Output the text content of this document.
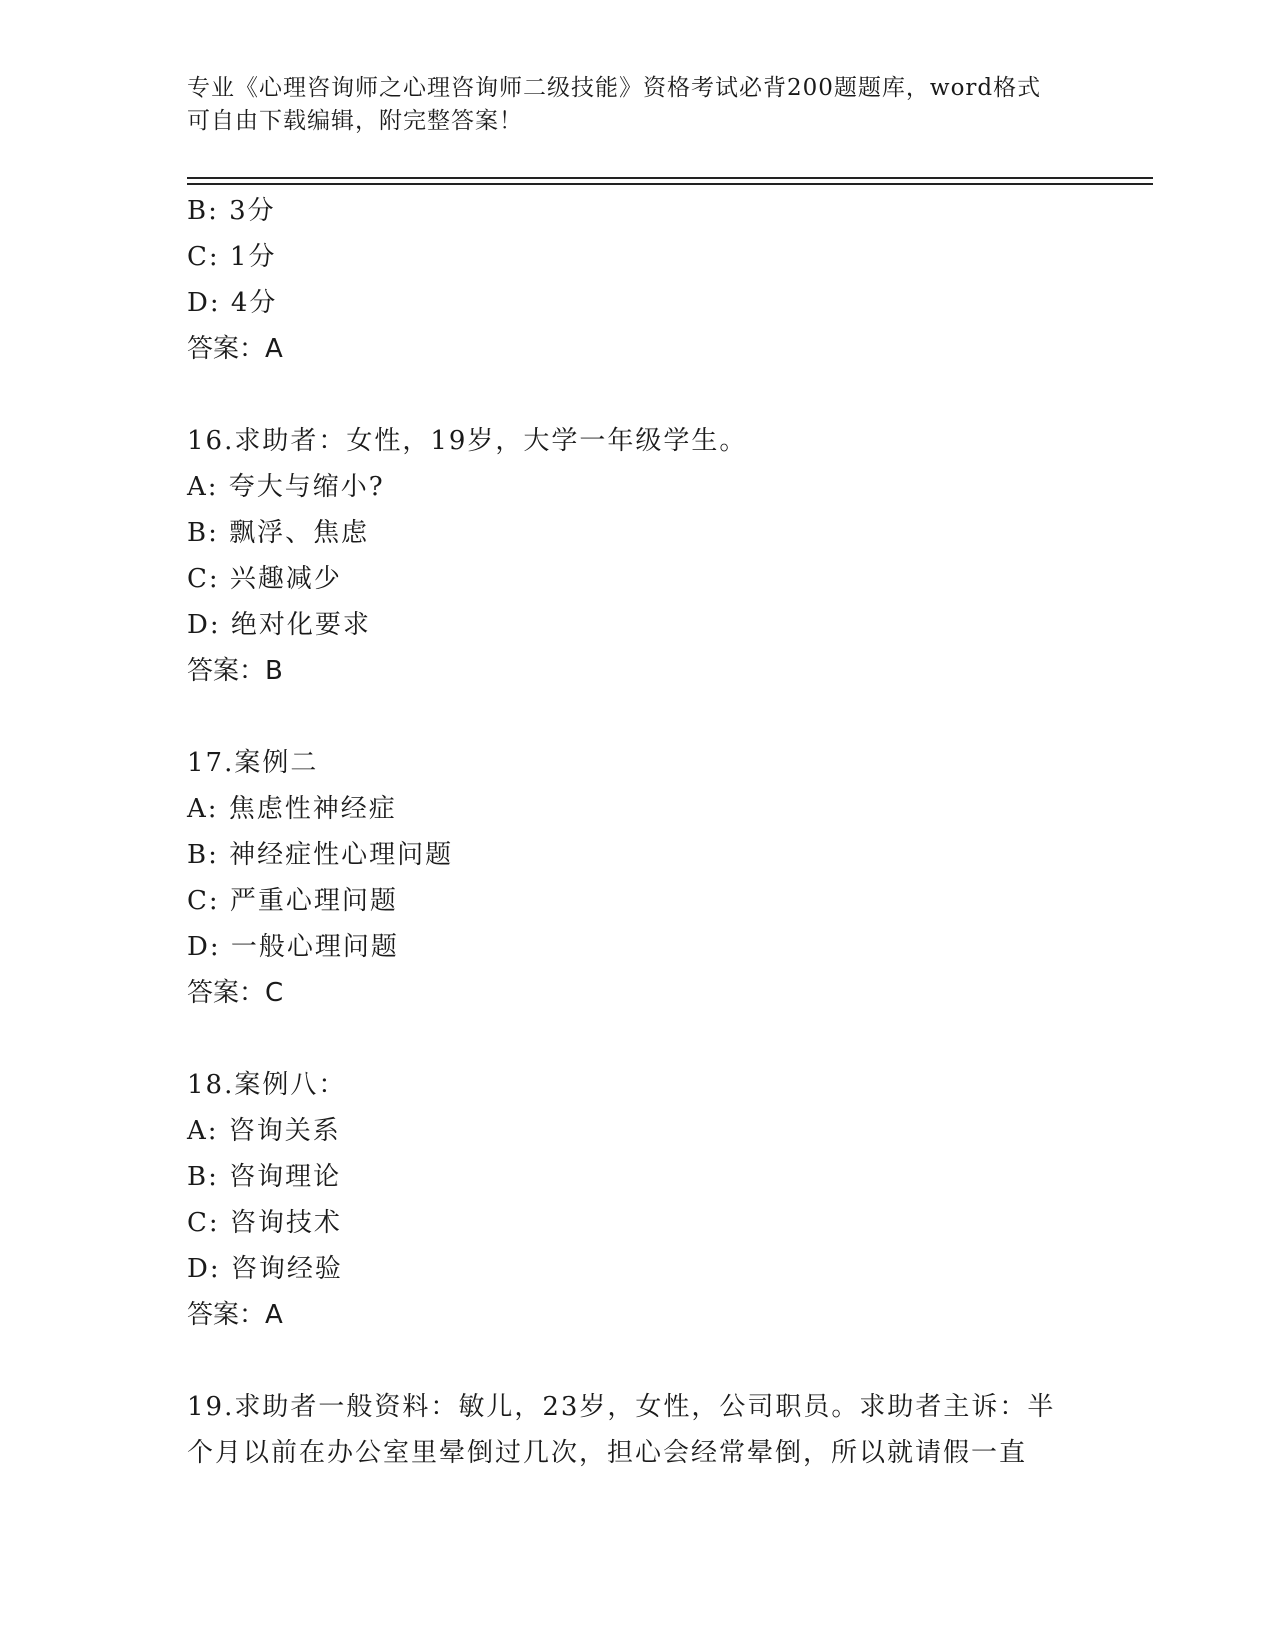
专业《心理咨询师之心理咨询师二级技能》资格考试必背200题题库，word格式
可自由下载编辑，附完整答案！
B: 3分
C: 1分
D: 4分
答案：A
16.求助者：女性，19岁，大学一年级学生。
A: 夸大与缩小?
B: 飘浮、焦虑
C: 兴趣减少
D: 绝对化要求
答案：B
17.案例二
A: 焦虑性神经症
B: 神经症性心理问题
C: 严重心理问题
D: 一般心理问题
答案：C
18.案例八：
A: 咨询关系
B: 咨询理论
C: 咨询技术
D: 咨询经验
答案：A
19.求助者一般资料：敏儿，23岁，女性，公司职员。求助者主诉：半
个月以前在办公室里晕倒过几次，担心会经常晕倒，所以就请假一直
